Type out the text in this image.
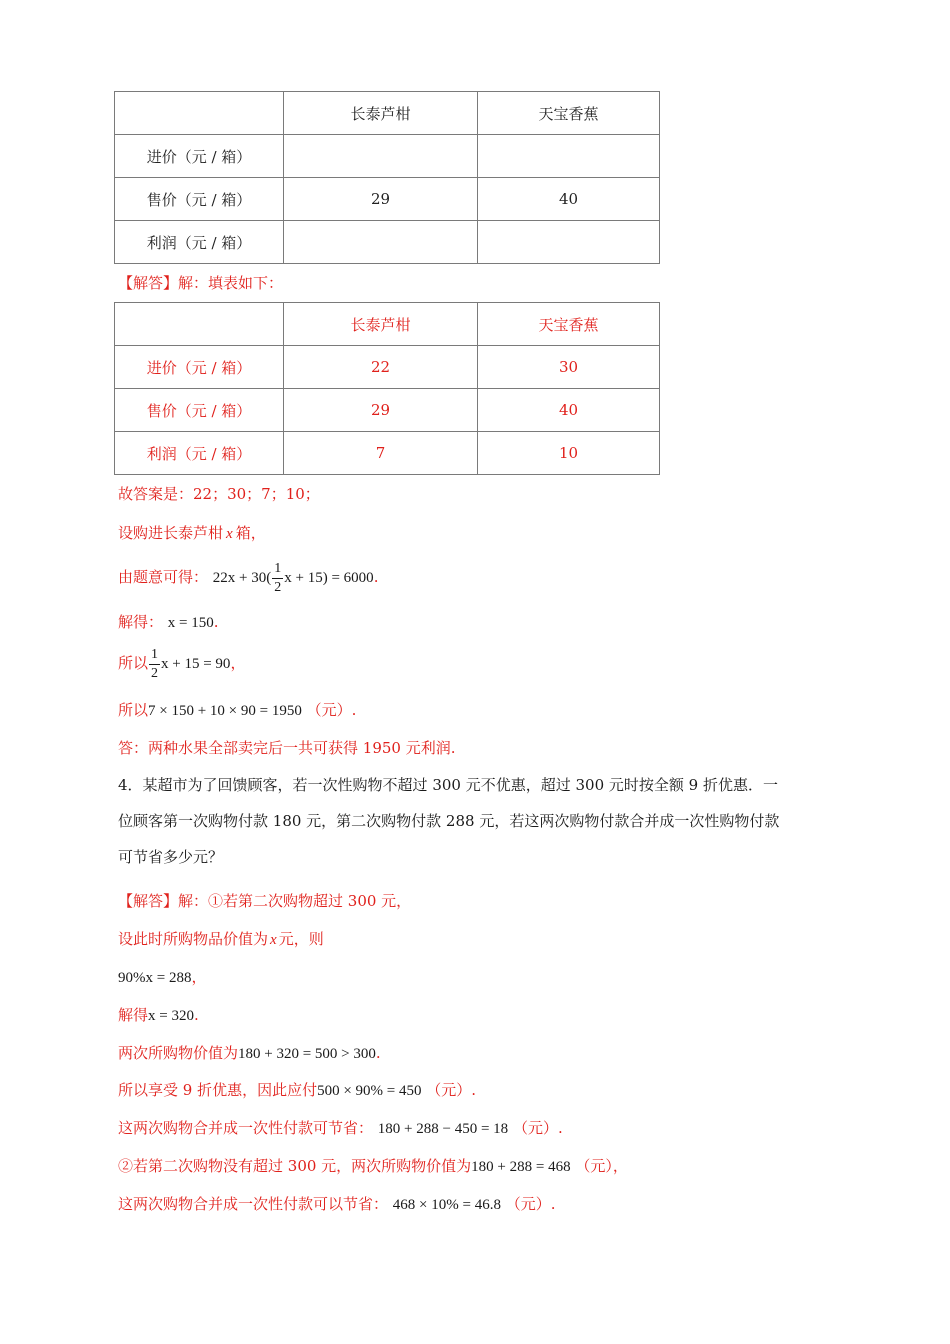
	长泰芦柑	天宝香蕉
进价（元 / 箱）		
售价（元 / 箱）	29	40
利润（元 / 箱）		
【解答】解：填表如下：
	长泰芦柑	天宝香蕉
进价（元 / 箱）	22	30
售价（元 / 箱）	29	40
利润（元 / 箱）	7	10
故答案是：22；30；7；10；
设购进长泰芦柑 x 箱，
由题意可得： $22x + 30( \frac{1}{2}$ x + 15) = 6000.
解得： x = 150.
所以 $\frac{1}{2}$ x + 15 = 90，
所以7 × 150 + 10 × 90 = 1950 （元）.
答：两种水果全部卖完后一共可获得 1950 元利润.
4．某超市为了回馈顾客，若一次性购物不超过 300 元不优惠，超过 300 元时按全额 9 折优惠．一
位顾客第一次购物付款 180 元，第二次购物付款 288 元，若这两次购物付款合并成一次性购物付款
可节省多少元？
【解答】解：①若第二次购物超过 300 元，
设此时所购物品价值为 x 元，则
90%x = 288，
解得x = 320.
两次所购物价值为180 + 320 = 500 > 300.
所以享受 9 折优惠，因此应付500 × 90% = 450 （元）.
这两次购物合并成一次性付款可节省： 180 + 288 − 450 = 18 （元）.
②若第二次购物没有超过 300 元，两次所购物价值为180 + 288 = 468 （元），
这两次购物合并成一次性付款可以节省： 468 × 10% = 46.8 （元）.
